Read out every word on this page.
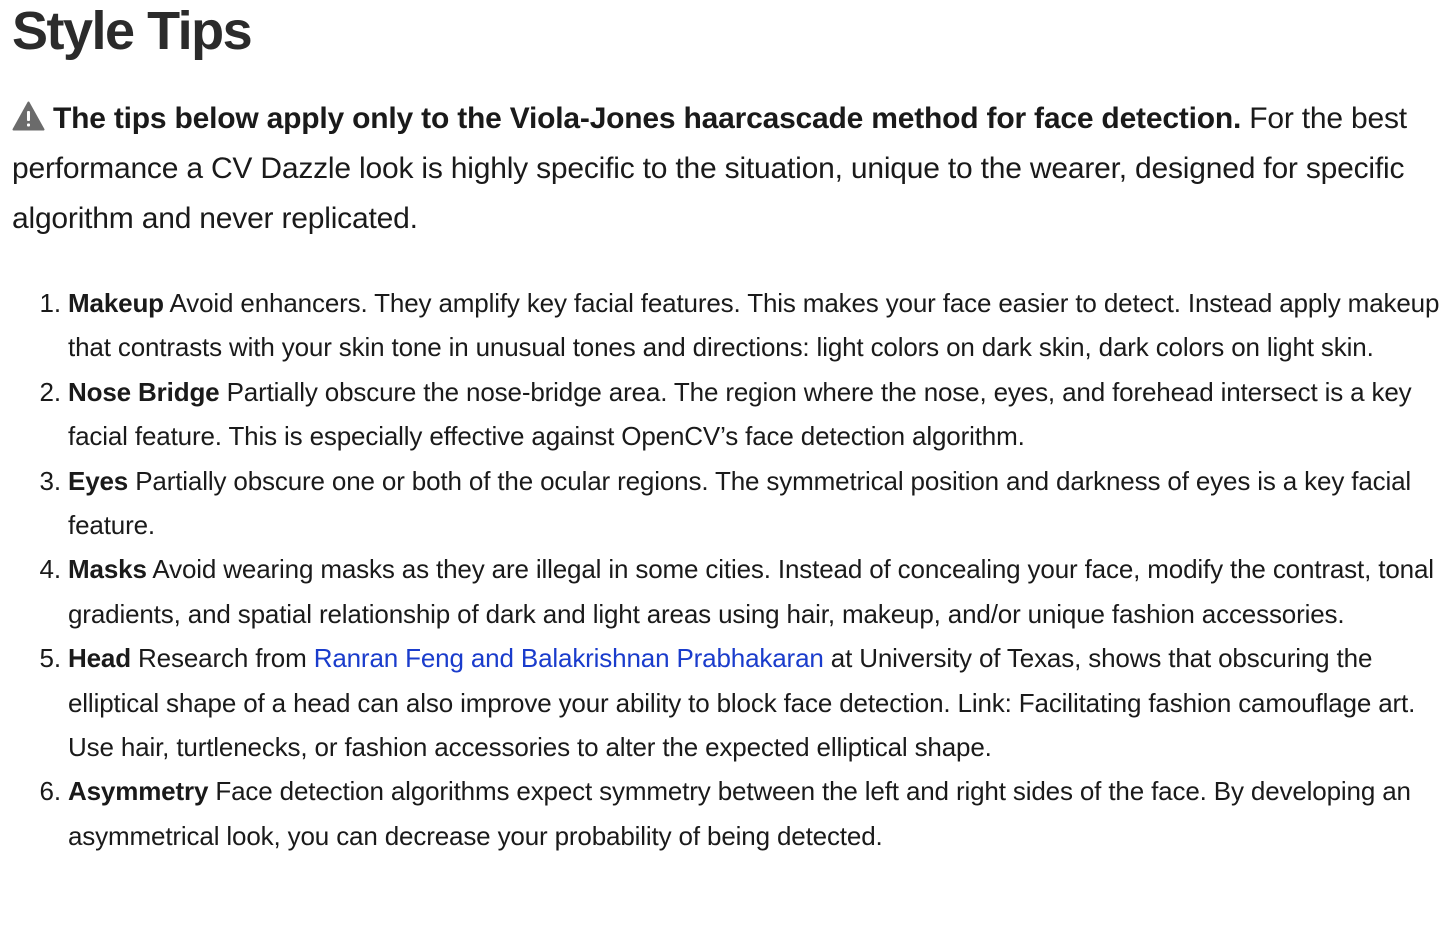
Style Tips

The tips below apply only to the Viola-Jones haarcascade method for face detection. For the best performance a CV Dazzle look is highly specific to the situation, unique to the wearer, designed for specific algorithm and never replicated.

1. Makeup Avoid enhancers. They amplify key facial features. This makes your face easier to detect. Instead apply makeup that contrasts with your skin tone in unusual tones and directions: light colors on dark skin, dark colors on light skin.
2. Nose Bridge Partially obscure the nose-bridge area. The region where the nose, eyes, and forehead intersect is a key facial feature. This is especially effective against OpenCV’s face detection algorithm.
3. Eyes Partially obscure one or both of the ocular regions. The symmetrical position and darkness of eyes is a key facial feature.
4. Masks Avoid wearing masks as they are illegal in some cities. Instead of concealing your face, modify the contrast, tonal gradients, and spatial relationship of dark and light areas using hair, makeup, and/or unique fashion accessories.
5. Head Research from Ranran Feng and Balakrishnan Prabhakaran at University of Texas, shows that obscuring the elliptical shape of a head can also improve your ability to block face detection. Link: Facilitating fashion camouflage art. Use hair, turtlenecks, or fashion accessories to alter the expected elliptical shape.
6. Asymmetry Face detection algorithms expect symmetry between the left and right sides of the face. By developing an asymmetrical look, you can decrease your probability of being detected.
